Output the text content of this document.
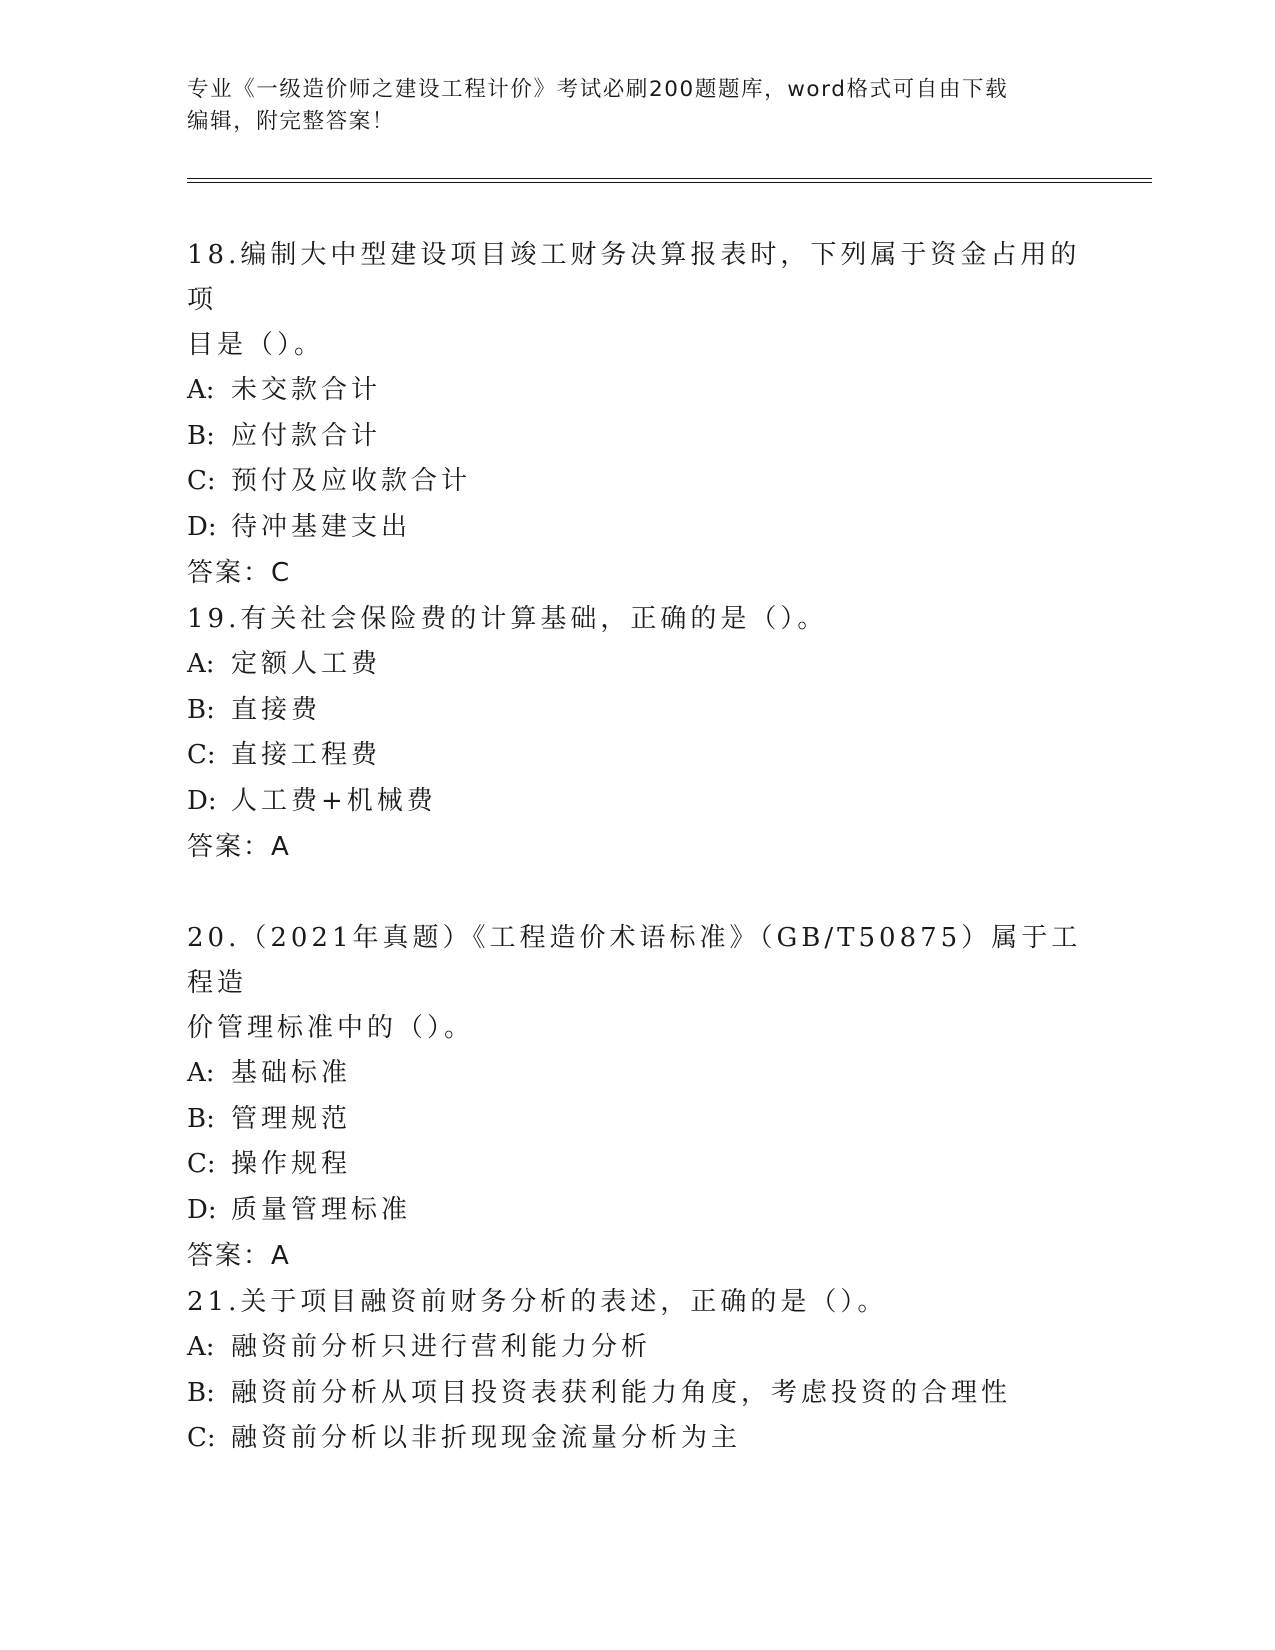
专业《一级造价师之建设工程计价》考试必刷200题题库，word格式可自由下载
编辑，附完整答案！

18.编制大中型建设项目竣工财务决算报表时，下列属于资金占用的项

目是（）。

A: 未交款合计

B: 应付款合计

C: 预付及应收款合计

D: 待冲基建支出

答案：C

19.有关社会保险费的计算基础，正确的是（）。

A: 定额人工费

B: 直接费

C: 直接工程费

D: 人工费+机械费

答案：A

20.（2021年真题）《工程造价术语标准》（GB/T50875）属于工程造

价管理标准中的（）。

A: 基础标准

B: 管理规范

C: 操作规程

D: 质量管理标准

答案：A

21.关于项目融资前财务分析的表述，正确的是（）。

A: 融资前分析只进行营利能力分析

B: 融资前分析从项目投资表获利能力角度，考虑投资的合理性

C: 融资前分析以非折现现金流量分析为主
